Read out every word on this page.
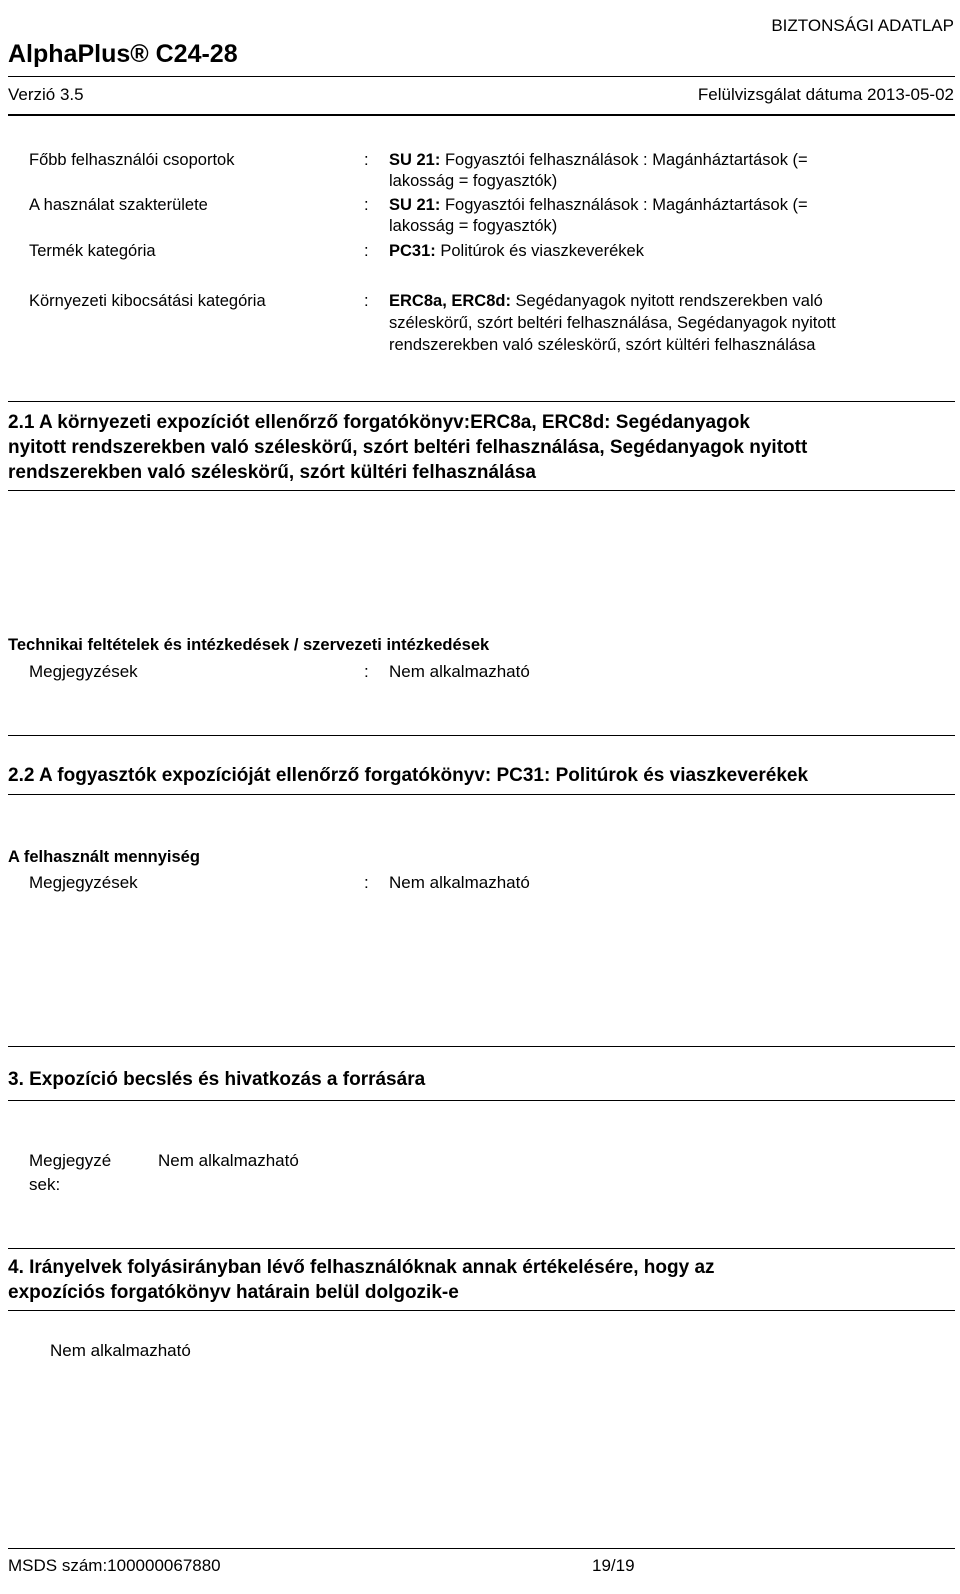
BIZTONSÁGI ADATLAP
AlphaPlus® C24-28
Verzió 3.5	Felülvizsgálat dátuma 2013-05-02
Főbb felhasználói csoportok	: SU 21: Fogyasztói felhasználások : Magánháztartások (=
lakosság = fogyasztók)
A használat szakterülete	: SU 21: Fogyasztói felhasználások : Magánháztartások (=
lakosság = fogyasztók)
Termék kategória	: PC31: Politúrok és viaszkeverékek
Környezeti kibocsátási kategória	: ERC8a, ERC8d: Segédanyagok nyitott rendszerekben való
széleskörű, szórt beltéri felhasználása, Segédanyagok nyitott
rendszerekben való széleskörű, szórt kültéri felhasználása
2.1 A környezeti expozíciót ellenőrző forgatókönyv:ERC8a, ERC8d: Segédanyagok
nyitott rendszerekben való széleskörű, szórt beltéri felhasználása, Segédanyagok nyitott
rendszerekben való széleskörű, szórt kültéri felhasználása
Technikai feltételek és intézkedések / szervezeti intézkedések
Megjegyzések	: Nem alkalmazható
2.2 A fogyasztók expozícióját ellenőrző forgatókönyv: PC31: Politúrok és viaszkeverékek
A felhasznált mennyiség
Megjegyzések	: Nem alkalmazható
3. Expozíció becslés és hivatkozás a forrására
Megjegyzé
sek:
Nem alkalmazható
4. Irányelvek folyásirányban lévő felhasználóknak annak értékelésére, hogy az
expozíciós forgatókönyv határain belül dolgozik-e
Nem alkalmazható
MSDS szám:100000067880	19/19
